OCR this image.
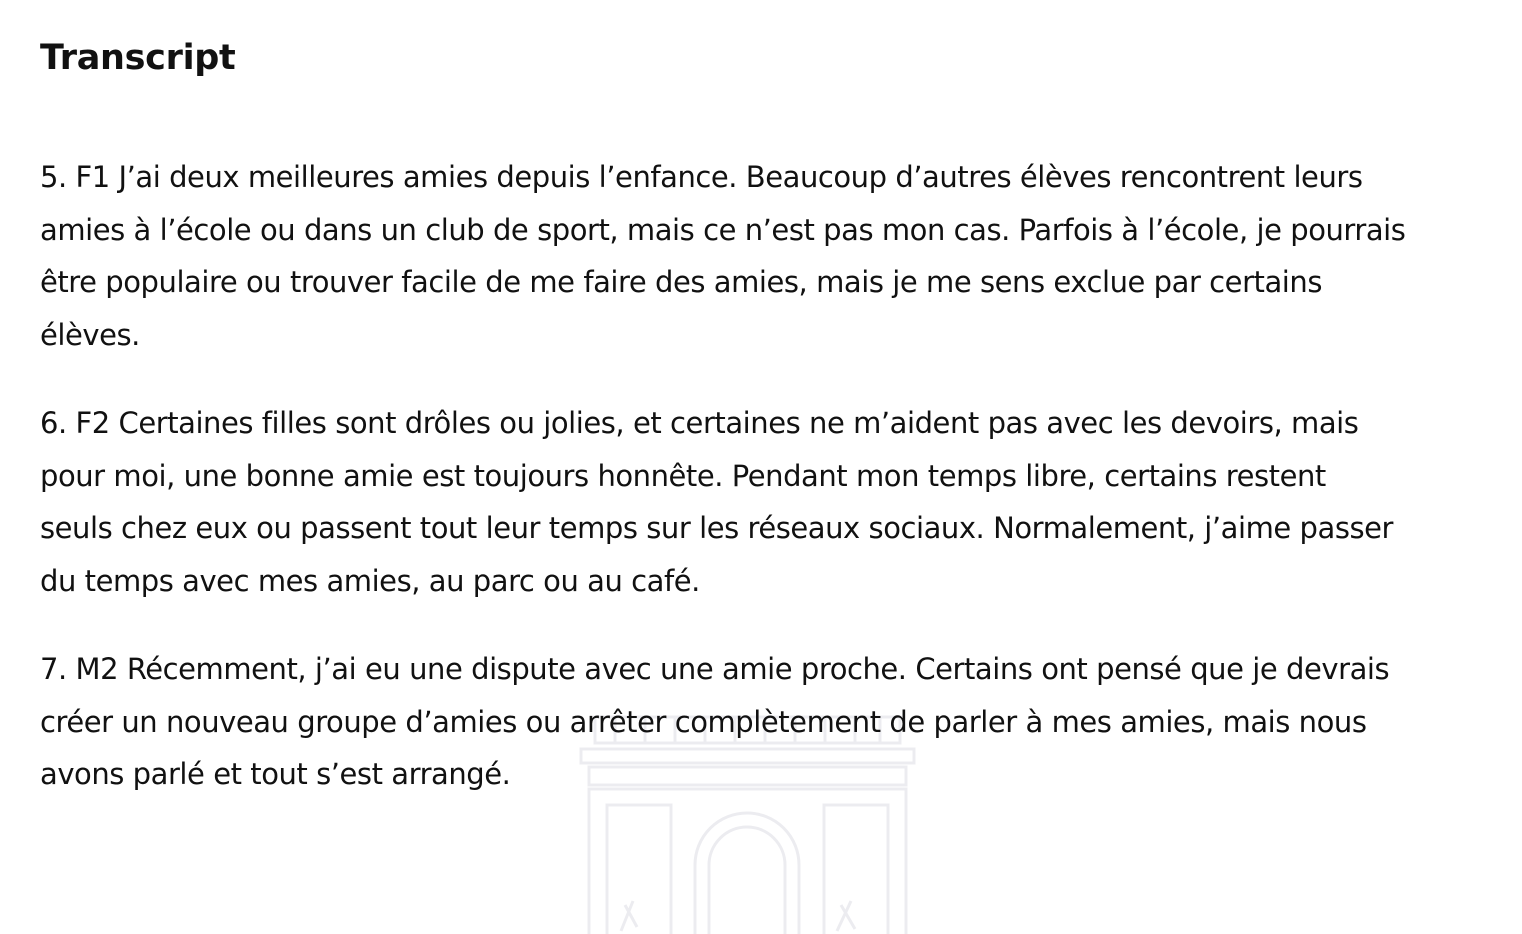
Transcript

5. F1 J’ai deux meilleures amies depuis l’enfance. Beaucoup d’autres élèves rencontrent leurs
amies à l’école ou dans un club de sport, mais ce n’est pas mon cas. Parfois à l’école, je pourrais
être populaire ou trouver facile de me faire des amies, mais je me sens exclue par certains
élèves.

6. F2 Certaines filles sont drôles ou jolies, et certaines ne m’aident pas avec les devoirs, mais
pour moi, une bonne amie est toujours honnête. Pendant mon temps libre, certains restent
seuls chez eux ou passent tout leur temps sur les réseaux sociaux. Normalement, j’aime passer
du temps avec mes amies, au parc ou au café.

7. M2 Récemment, j’ai eu une dispute avec une amie proche. Certains ont pensé que je devrais
créer un nouveau groupe d’amies ou arrêter complètement de parler à mes amies, mais nous
avons parlé et tout s’est arrangé.
